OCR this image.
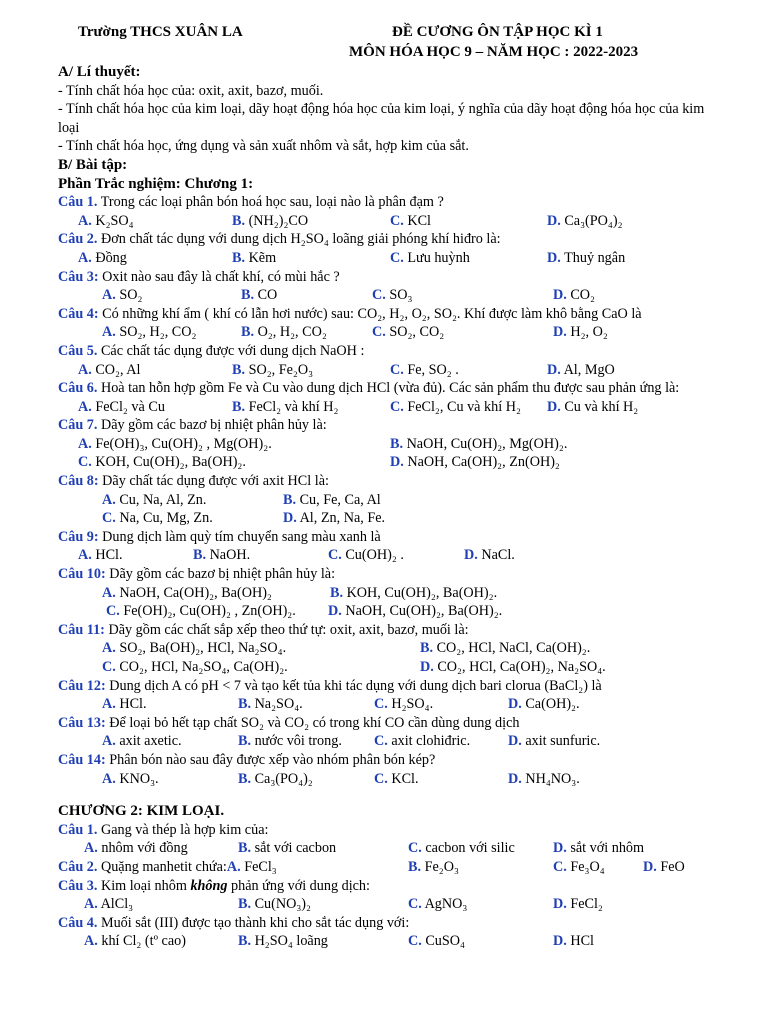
Trường THCS XUÂN LA	ĐỀ CƯƠNG ÔN TẬP HỌC KÌ 1
MÔN HÓA HỌC 9 – NĂM HỌC : 2022-2023
A/ Lí thuyết:
- Tính chất hóa học của: oxit, axit, bazơ, muối.
- Tính chất hóa học của kim loại, dãy hoạt động hóa học của kim loại, ý nghĩa của dãy hoạt động hóa học của kim loại
- Tính chất hóa học, ứng dụng và sản xuất nhôm và sắt, hợp kim của sắt.
B/ Bài tập:
Phần Trắc nghiệm: Chương 1:
Câu 1. Trong các loại phân bón hoá học sau, loại nào là phân đạm ?
A. K₂SO₄	B. (NH₂)₂CO	C. KCl	D. Ca₃(PO₄)₂
Câu 2. Đơn chất tác dụng với dung dịch H₂SO₄ loãng giải phóng khí hiđro là:
A. Đồng	B. Kẽm	C. Lưu huỳnh	D. Thuỷ ngân
Câu 3: Oxit nào sau đây là chất khí, có mùi hắc ?
A. SO₂	B. CO	C. SO₃	D. CO₂
Câu 4: Có những khí ẩm ( khí có lẫn hơi nước) sau: CO₂, H₂, O₂, SO₂. Khí được làm khô bằng CaO là
A. SO₂, H₂, CO₂	B. O₂, H₂, CO₂	C. SO₂, CO₂	D. H₂, O₂
Câu 5. Các chất tác dụng được với dung dịch NaOH :
A. CO₂, Al	B. SO₂, Fe₂O₃	C. Fe, SO₂ .	D. Al, MgO
Câu 6. Hoà tan hỗn hợp gồm Fe và Cu vào dung dịch HCl (vừa đủ). Các sản phẩm thu được sau phản ứng là:
A. FeCl₂ và Cu	B. FeCl₂ và khí H₂	C. FeCl₂, Cu và khí H₂ D. Cu và khí H₂
Câu 7. Dãy gồm các bazơ bị nhiệt phân hủy là:
A. Fe(OH)₃, Cu(OH)₂ , Mg(OH)₂.	B. NaOH, Cu(OH)₂, Mg(OH)₂.
C. KOH, Cu(OH)₂, Ba(OH)₂.	D. NaOH, Ca(OH)₂, Zn(OH)₂
Câu 8: Dãy chất tác dụng được với axit HCl là:
A. Cu, Na, Al, Zn.	B. Cu, Fe, Ca, Al
C. Na, Cu, Mg, Zn.	D. Al, Zn, Na, Fe.
Câu 9: Dung dịch làm quỳ tím chuyển sang màu xanh là
A. HCl.	B. NaOH.	C. Cu(OH)₂ .	D. NaCl.
Câu 10: Dãy gồm các bazơ bị nhiệt phân hủy là:
A. NaOH, Ca(OH)₂, Ba(OH)₂	B. KOH, Cu(OH)₂, Ba(OH)₂.
C. Fe(OH)₂, Cu(OH)₂ , Zn(OH)₂. D. NaOH, Cu(OH)₂, Ba(OH)₂.
Câu 11: Dãy gồm các chất sắp xếp theo thứ tự: oxit, axit, bazơ, muối là:
A. SO₂, Ba(OH)₂, HCl, Na₂SO₄.	B. CO₂, HCl, NaCl, Ca(OH)₂.
C. CO₂, HCl, Na₂SO₄, Ca(OH)₂.	D. CO₂, HCl, Ca(OH)₂, Na₂SO₄.
Câu 12: Dung dịch A có pH < 7 và tạo kết tủa khi tác dụng với dung dịch bari clorua (BaCl₂) là
A. HCl.	B. Na₂SO₄.	C. H₂SO₄.	D. Ca(OH)₂.
Câu 13: Để loại bỏ hết tạp chất SO₂ và CO₂ có trong khí CO cần dùng dung dịch
A. axit axetic.	B. nước vôi trong. C. axit clohiđric.	D. axit sunfuric.
Câu 14: Phân bón nào sau đây được xếp vào nhóm phân bón kép?
A. KNO₃.	B. Ca₃(PO₄)₂	C. KCl.	D. NH₄NO₃.
CHƯƠNG 2: KIM LOẠI.
Câu 1. Gang và thép là hợp kim của:
A. nhôm với đồng	B. sắt với cacbon	C. cacbon với silic	D. sắt với nhôm
Câu 2. Quặng manhetit chứa:A. FeCl₃	B. Fe₂O₃	C. Fe₃O₄	D. FeO
Câu 3. Kim loại nhôm không phản ứng với dung dịch:
A. AlCl₃	B. Cu(NO₃)₂	C. AgNO₃	D. FeCl₂
Câu 4. Muối sắt (III) được tạo thành khi cho sắt tác dụng với:
A. khí Cl₂ (tº cao)	B. H₂SO₄ loãng	C. CuSO₄	D. HCl
